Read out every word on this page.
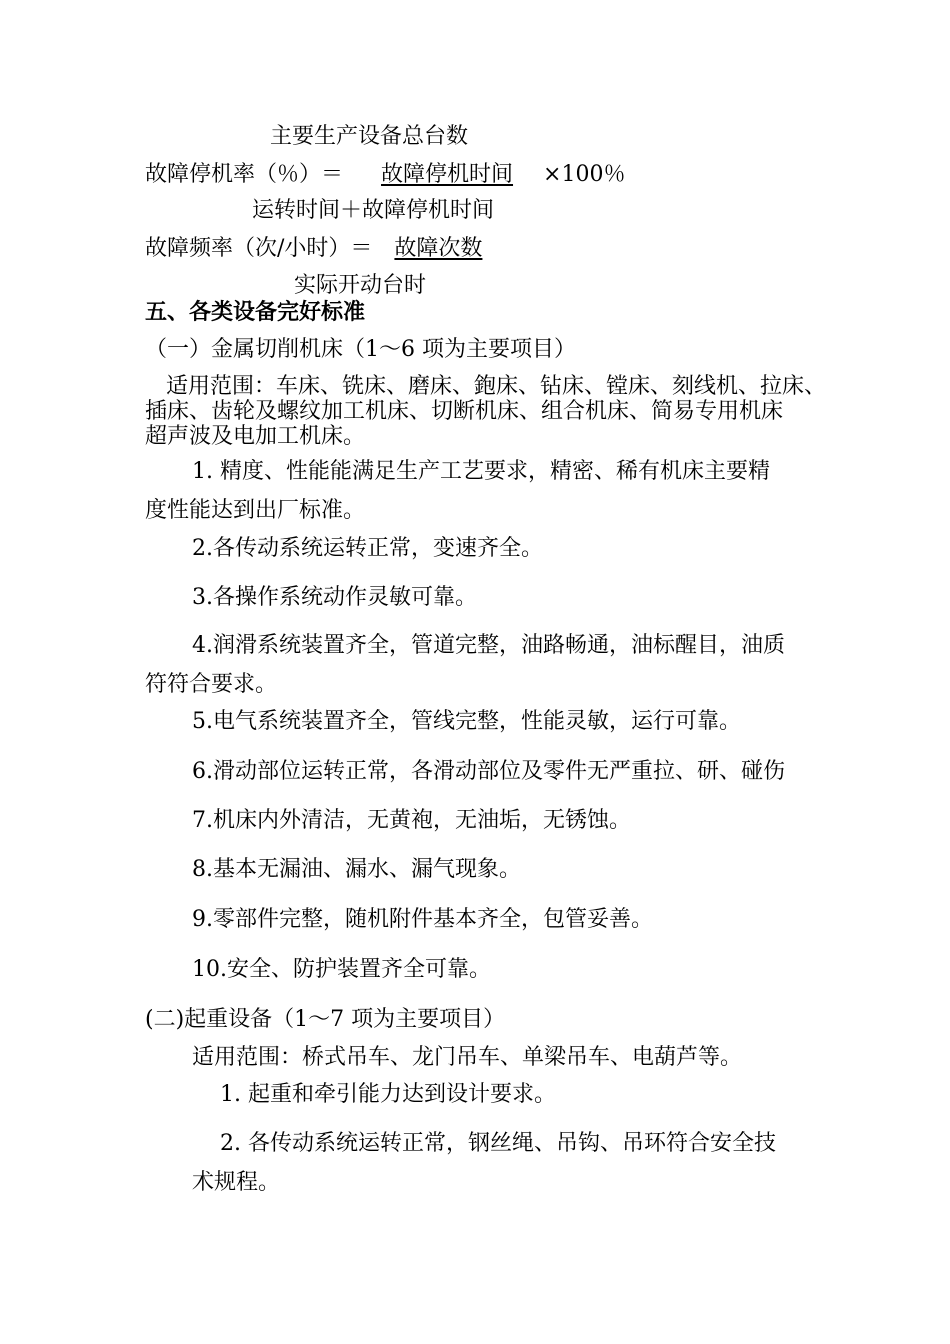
主要生产设备总台数
故障停机率（％）＝ 故障停机时间 ×100％
运转时间＋故障停机时间
故障频率（次/小时）＝ 故障次数
实际开动台时
五、各类设备完好标准
（一）金属切削机床（1～6 项为主要项目）
适用范围：车床、铣床、磨床、鉋床、钻床、镗床、刻线机、拉床、
插床、齿轮及螺纹加工机床、切断机床、组合机床、简易专用机床
超声波及电加工机床。
1. 精度、性能能满足生产工艺要求，精密、稀有机床主要精
度性能达到出厂标准。
2.各传动系统运转正常，变速齐全。
3.各操作系统动作灵敏可靠。
4.润滑系统装置齐全，管道完整，油路畅通，油标醒目，油质
符符合要求。
5.电气系统装置齐全，管线完整，性能灵敏，运行可靠。
6.滑动部位运转正常，各滑动部位及零件无严重拉、研、碰伤
7.机床内外清洁，无黄袍，无油垢，无锈蚀。
8.基本无漏油、漏水、漏气现象。
9.零部件完整，随机附件基本齐全，包管妥善。
10.安全、防护装置齐全可靠。
(二)起重设备（1～7 项为主要项目）
适用范围：桥式吊车、龙门吊车、单梁吊车、电葫芦等。
1. 起重和牵引能力达到设计要求。
2. 各传动系统运转正常，钢丝绳、吊钩、吊环符合安全技
术规程。
